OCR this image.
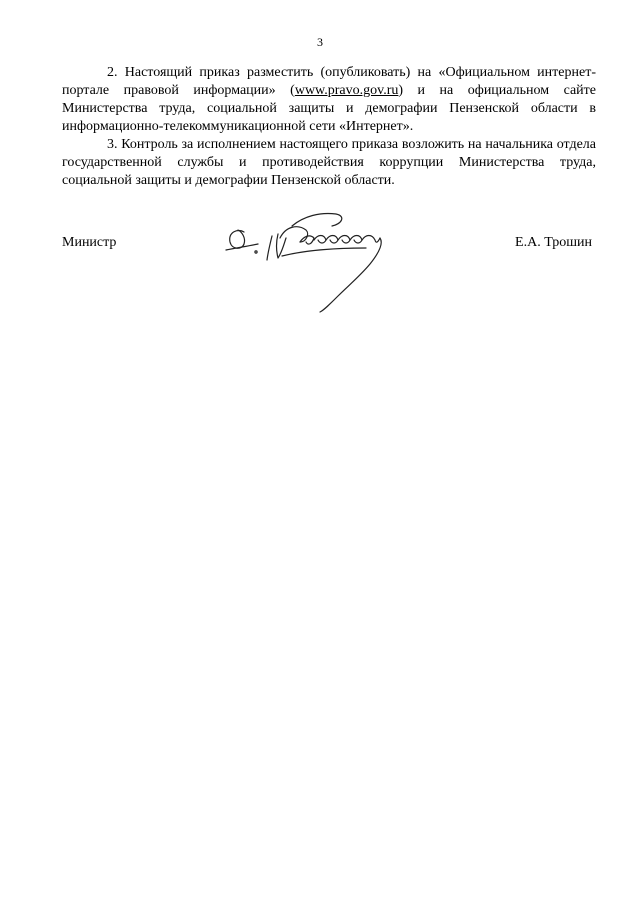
3

2. Настоящий приказ разместить (опубликовать) на «Официальном интернет-портале правовой информации» (www.pravo.gov.ru) и на официальном сайте Министерства труда, социальной защиты и демографии Пензенской области в информационно-телекоммуникационной сети «Интернет».

3. Контроль за исполнением настоящего приказа возложить на начальника отдела государственной службы и противодействия коррупции Министерства труда, социальной защиты и демографии Пензенской области.

Министр	Е.А. Трошин
